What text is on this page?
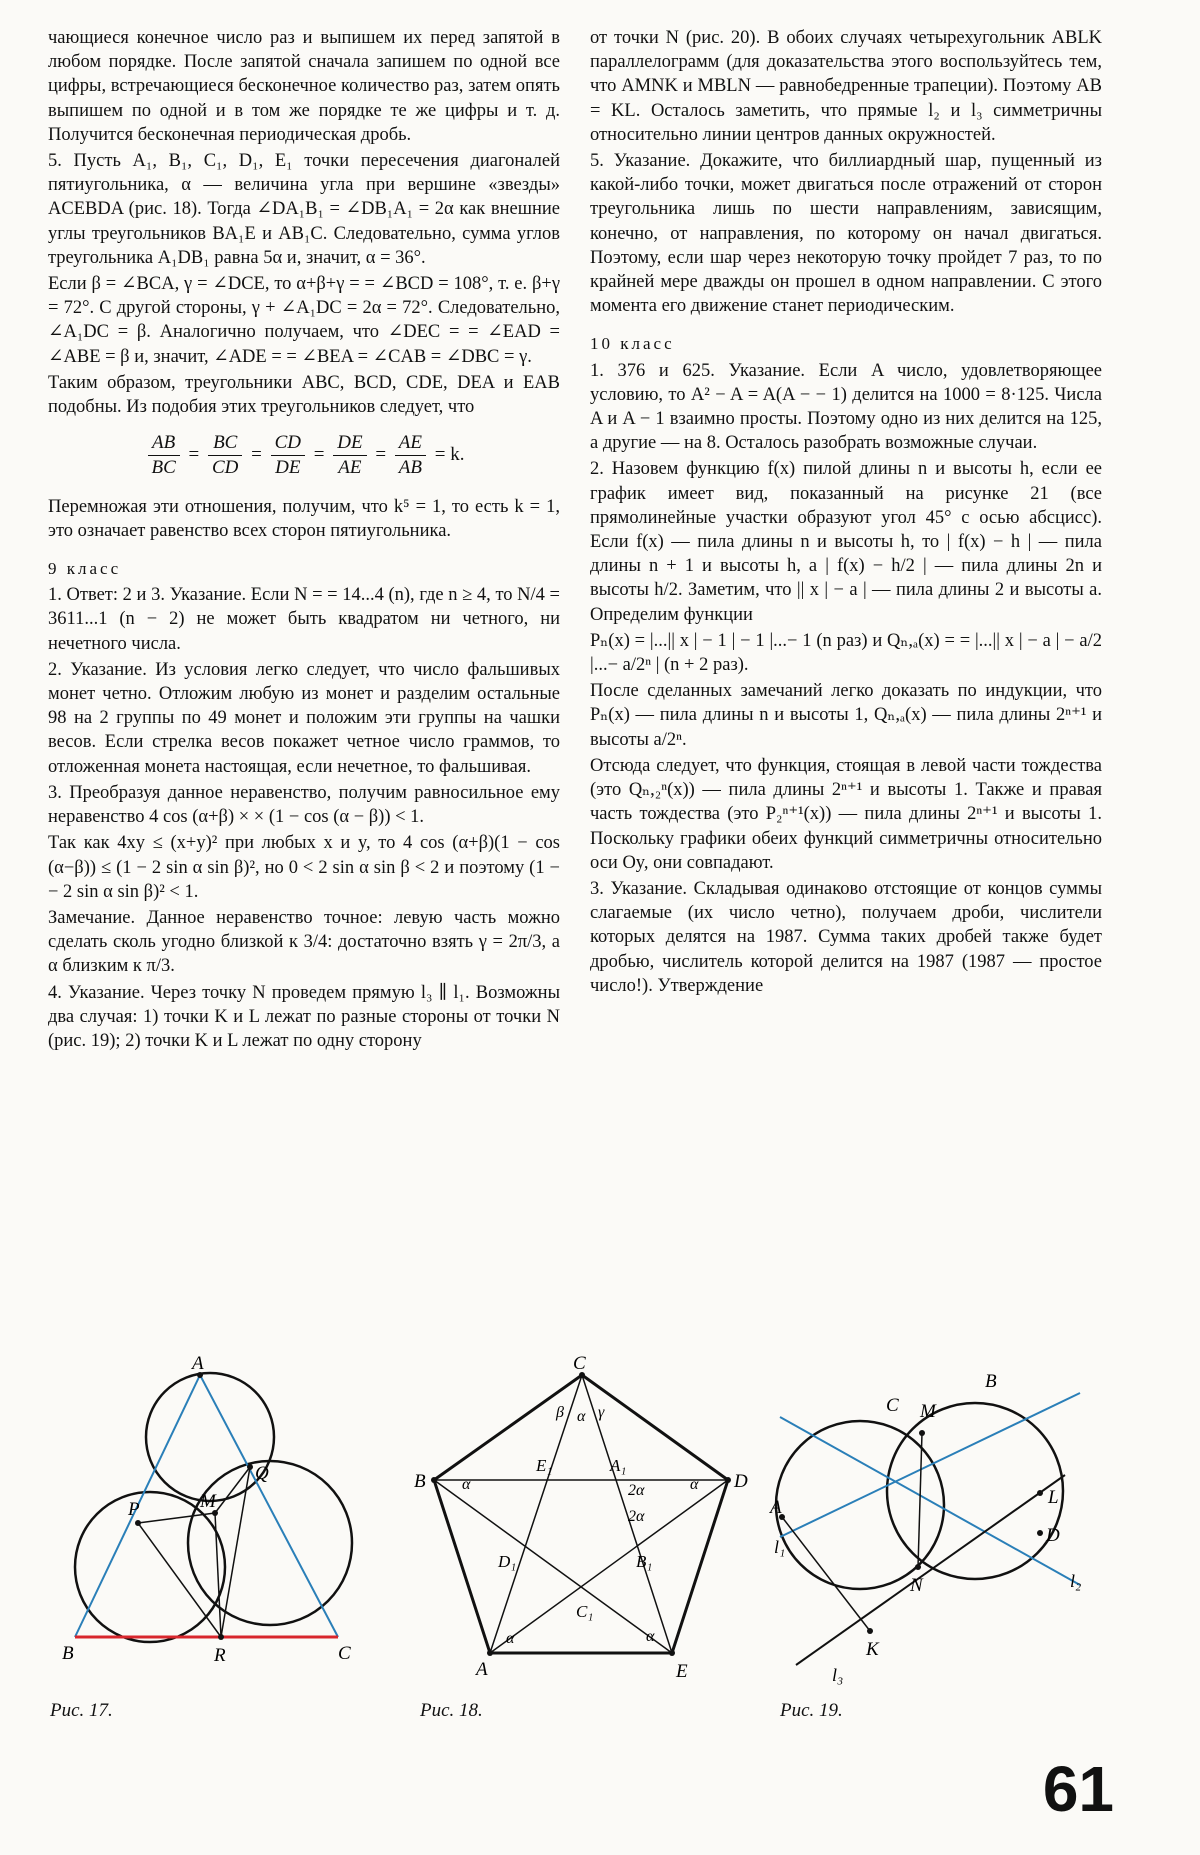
чающиеся конечное число раз и выпишем их перед запятой в любом порядке. После запятой сначала запишем по одной все цифры, встречающиеся бесконечное количество раз, затем опять выпишем по одной и в том же порядке те же цифры и т. д. Получится бесконечная периодическая дробь.

5. Пусть A₁, B₁, C₁, D₁, E₁ точки пересечения диагоналей пятиугольника, α — величина угла при вершине «звезды» ACEBDA (рис. 18). Тогда ∠DA₁B₁ = ∠DB₁A₁ = 2α как внешние углы треугольников BA₁E и AB₁C. Следовательно, сумма углов треугольника A₁DB₁ равна 5α и, значит, α = 36°.

Если β = ∠BCA, γ = ∠DCE, то α+β+γ = = ∠BCD = 108°, т. е. β+γ = 72°. С другой стороны, γ + ∠A₁DC = 2α = 72°. Следовательно, ∠A₁DC = β. Аналогично получаем, что ∠DEC = = ∠EAD = ∠ABE = β и, значит, ∠ADE = = ∠BEA = ∠CAB = ∠DBC = γ.

Таким образом, треугольники ABC, BCD, CDE, DEA и EAB подобны. Из подобия этих треугольников следует, что

$\frac{AB}{BC} = \frac{BC}{CD} = \frac{CD}{DE} = \frac{DE}{AE} = \frac{AE}{AB} = k$.

Перемножая эти отношения, получим, что k⁵ = 1, то есть k = 1, это означает равенство всех сторон пятиугольника.

9 класс

1. Ответ: 2 и 3. Указание. Если N = = 14...4 (n), где n ≥ 4, то N/4 = 3611...1 (n − 2) не может быть квадратом ни четного, ни нечетного числа.

2. Указание. Из условия легко следует, что число фальшивых монет четно. Отложим любую из монет и разделим остальные 98 на 2 группы по 49 монет и положим эти группы на чашки весов. Если стрелка весов покажет четное число граммов, то отложенная монета настоящая, если нечетное, то фальшивая.

3. Преобразуя данное неравенство, получим равносильное ему неравенство 4 cos (α+β) × × (1 − cos (α − β)) < 1.

Так как 4xy ≤ (x+y)² при любых x и y, то 4 cos (α+β)(1 − cos (α−β)) ≤ (1 − 2 sin α sin β)², но 0 < 2 sin α sin β < 2 и поэтому (1 − − 2 sin α sin β)² < 1.

Замечание. Данное неравенство точное: левую часть можно сделать сколь угодно близкой к 3/4: достаточно взять γ = 2π/3, а α близким к π/3.

4. Указание. Через точку N проведем прямую l₃ ∥ l₁. Возможны два случая: 1) точки K и L лежат по разные стороны от точки N (рис. 19); 2) точки K и L лежат по одну сторону

от точки N (рис. 20). В обоих случаях четырехугольник ABLK параллелограмм (для доказательства этого воспользуйтесь тем, что AMNK и MBLN — равнобедренные трапеции). Поэтому AB = KL. Осталось заметить, что прямые l₂ и l₃ симметричны относительно линии центров данных окружностей.

5. Указание. Докажите, что биллиардный шар, пущенный из какой-либо точки, может двигаться после отражений от сторон треугольника лишь по шести направлениям, зависящим, конечно, от направления, по которому он начал двигаться. Поэтому, если шар через некоторую точку пройдет 7 раз, то по крайней мере дважды он прошел в одном направлении. С этого момента его движение станет периодическим.

10 класс

1. 376 и 625. Указание. Если A число, удовлетворяющее условию, то A² − A = A(A − − 1) делится на 1000 = 8·125. Числа A и A − 1 взаимно просты. Поэтому одно из них делится на 125, а другие — на 8. Осталось разобрать возможные случаи.

2. Назовем функцию f(x) пилой длины n и высоты h, если ее график имеет вид, показанный на рисунке 21 (все прямолинейные участки образуют угол 45° с осью абсцисс). Если f(x) — пила длины n и высоты h, то | f(x) − h | — пила длины n + 1 и высоты h, а | f(x) − h/2 | — пила длины 2n и высоты h/2. Заметим, что || x | − a | — пила длины 2 и высоты a. Определим функции

Pₙ(x) = |...|| x | − 1 | − 1 |...− 1 (n раз) и Qₙ,ₐ(x) = = |...|| x | − a | − a/2 |...− a/2ⁿ | (n + 2 раз).

После сделанных замечаний легко доказать по индукции, что Pₙ(x) — пила длины n и высоты 1, Qₙ,ₐ(x) — пила длины 2ⁿ⁺¹ и высоты a/2ⁿ.

Отсюда следует, что функция, стоящая в левой части тождества (это Qₙ,₂ⁿ(x)) — пила длины 2ⁿ⁺¹ и высоты 1. Также и правая часть тождества (это P₂ⁿ⁺¹(x)) — пила длины 2ⁿ⁺¹ и высоты 1. Поскольку графики обеих функций симметричны относительно оси Oy, они совпадают.

3. Указание. Складывая одинаково отстоящие от концов суммы слагаемые (их число четно), получаем дроби, числители которых делятся на 1987. Сумма таких дробей также будет дробью, числитель которой делится на 1987 (1987 — простое число!). Утверждение

A
M
Q
P
B	R	C
Рис. 17.
C
B	D
A	E
E₁	A₁
D₁	B₁
C₁
β α γ
α	α
2α
2α
α	α
Рис. 18.
B
C M
L
A
D
N
K
l₁
l₂
l₃
Рис. 19.
61
